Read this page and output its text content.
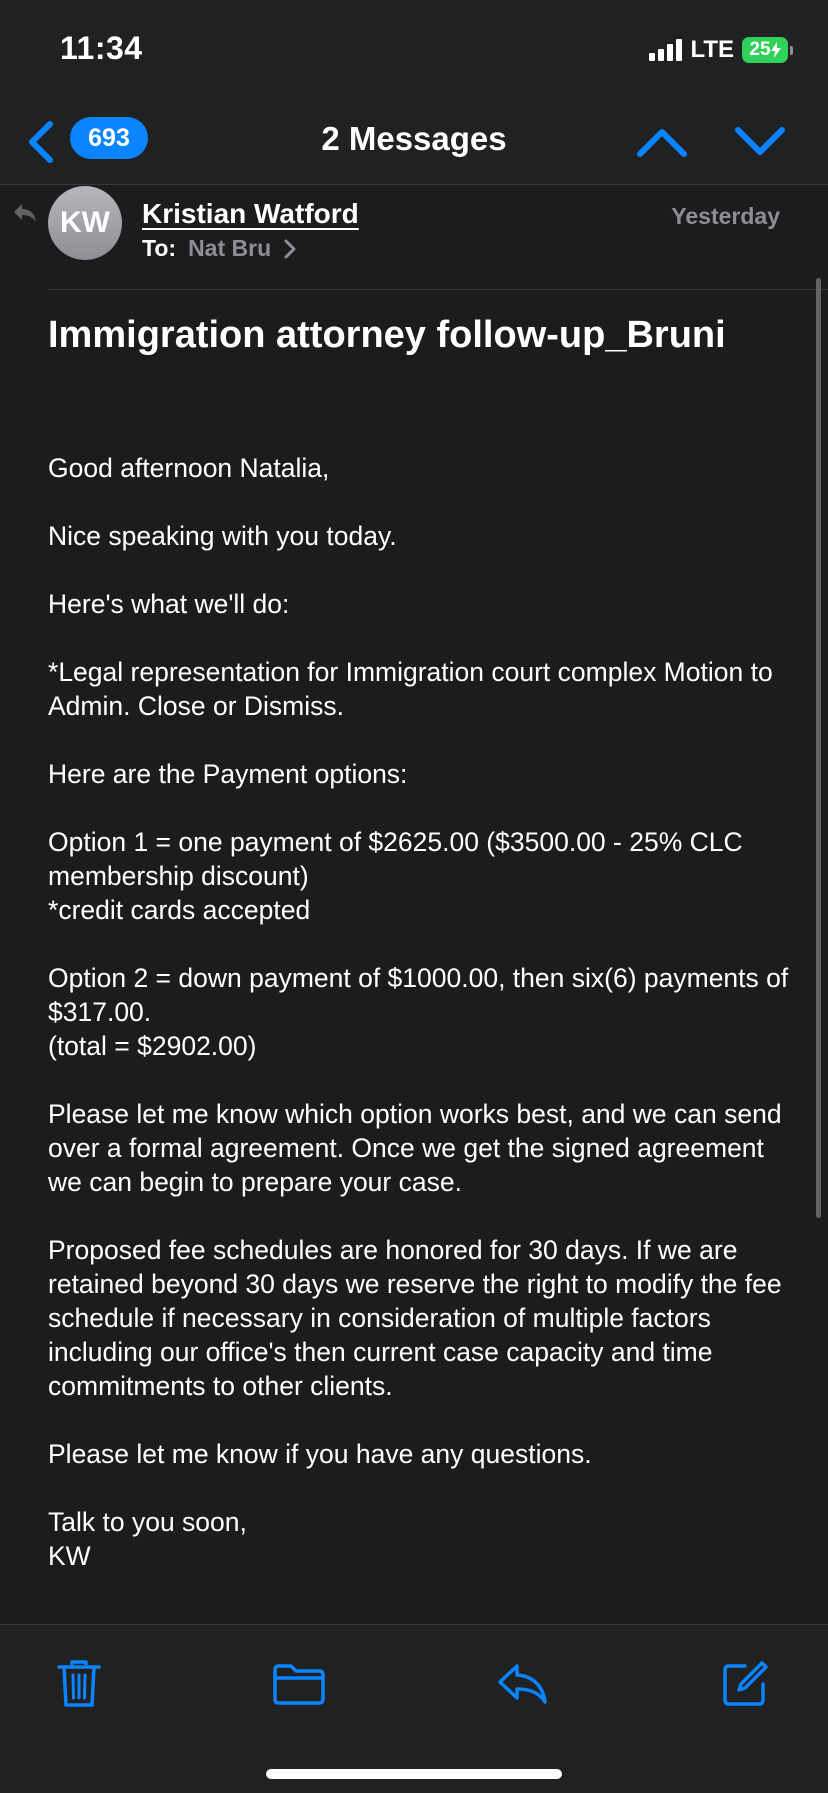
11:34	LTE 25
693	2 Messages
KW	Kristian Watford
To: Nat Bru
Yesterday
Immigration attorney follow-up_Bruni

Good afternoon Natalia,

Nice speaking with you today.

Here's what we'll do:

*Legal representation for Immigration court complex Motion to Admin. Close or Dismiss.

Here are the Payment options:

Option 1 = one payment of $2625.00 ($3500.00 - 25% CLC membership discount)
*credit cards accepted

Option 2 = down payment of $1000.00, then six(6) payments of $317.00.
(total = $2902.00)

Please let me know which option works best, and we can send over a formal agreement. Once we get the signed agreement we can begin to prepare your case.

Proposed fee schedules are honored for 30 days. If we are retained beyond 30 days we reserve the right to modify the fee schedule if necessary in consideration of multiple factors including our office's then current case capacity and time commitments to other clients.

Please let me know if you have any questions.

Talk to you soon,
KW
